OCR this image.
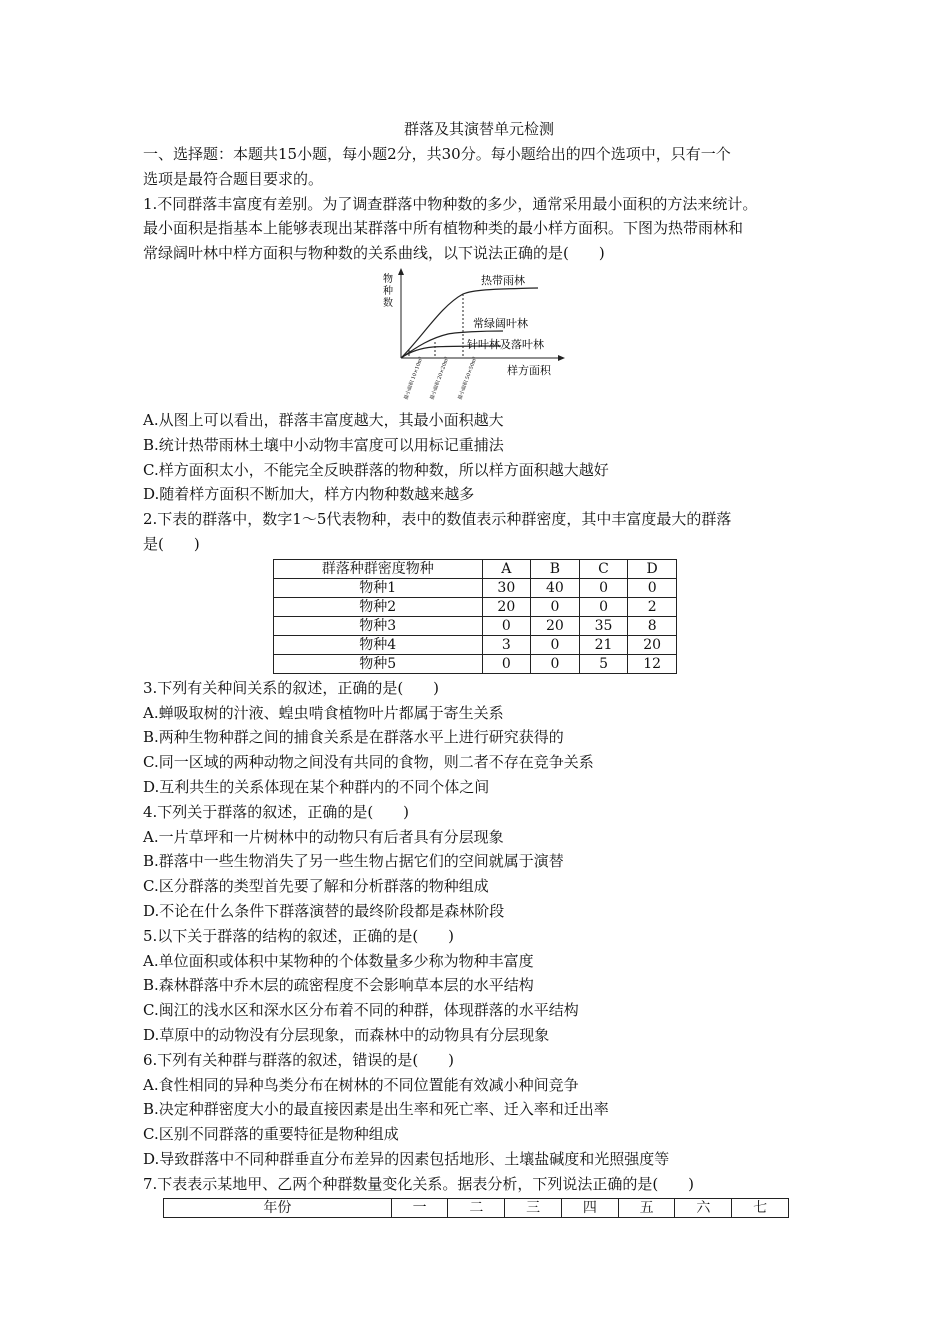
群落及其演替单元检测

一、选择题：本题共15小题，每小题2分，共30分。每小题给出的四个选项中，只有一个

选项是最符合题目要求的。

1.不同群落丰富度有差别。为了调查群落中物种数的多少，通常采用最小面积的方法来统计。

最小面积是指基本上能够表现出某群落中所有植物种类的最小样方面积。下图为热带雨林和

常绿阔叶林中样方面积与物种数的关系曲线，以下说法正确的是(　　)

物
种
数
热带雨林
常绿阔叶林
针叶林及落叶林
样方面积
最小面积 10×10m² 最小面积 20×20m² 最小面积 50×50m²

A.从图上可以看出，群落丰富度越大，其最小面积越大

B.统计热带雨林土壤中小动物丰富度可以用标记重捕法

C.样方面积太小，不能完全反映群落的物种数，所以样方面积越大越好

D.随着样方面积不断加大，样方内物种数越来越多

2.下表的群落中，数字1～5代表物种，表中的数值表示种群密度，其中丰富度最大的群落

是(　　)

群落种群密度物种	A	B	C	D
物种1	30	40	0	0
物种2	20	0	0	2
物种3	0	20	35	8
物种4	3	0	21	20
物种5	0	0	5	12

3.下列有关种间关系的叙述，正确的是(　　)

A.蝉吸取树的汁液、蝗虫啃食植物叶片都属于寄生关系

B.两种生物种群之间的捕食关系是在群落水平上进行研究获得的

C.同一区域的两种动物之间没有共同的食物，则二者不存在竞争关系

D.互利共生的关系体现在某个种群内的不同个体之间

4.下列关于群落的叙述，正确的是(　　)

A.一片草坪和一片树林中的动物只有后者具有分层现象

B.群落中一些生物消失了另一些生物占据它们的空间就属于演替

C.区分群落的类型首先要了解和分析群落的物种组成

D.不论在什么条件下群落演替的最终阶段都是森林阶段

5.以下关于群落的结构的叙述，正确的是(　　)

A.单位面积或体积中某物种的个体数量多少称为物种丰富度

B.森林群落中乔木层的疏密程度不会影响草本层的水平结构

C.闽江的浅水区和深水区分布着不同的种群，体现群落的水平结构

D.草原中的动物没有分层现象，而森林中的动物具有分层现象

6.下列有关种群与群落的叙述，错误的是(　　)

A.食性相同的异种鸟类分布在树林的不同位置能有效减小种间竞争

B.决定种群密度大小的最直接因素是出生率和死亡率、迁入率和迁出率

C.区别不同群落的重要特征是物种组成

D.导致群落中不同种群垂直分布差异的因素包括地形、土壤盐碱度和光照强度等

7.下表表示某地甲、乙两个种群数量变化关系。据表分析，下列说法正确的是(　　)

年份	一	二	三	四	五	六	七
